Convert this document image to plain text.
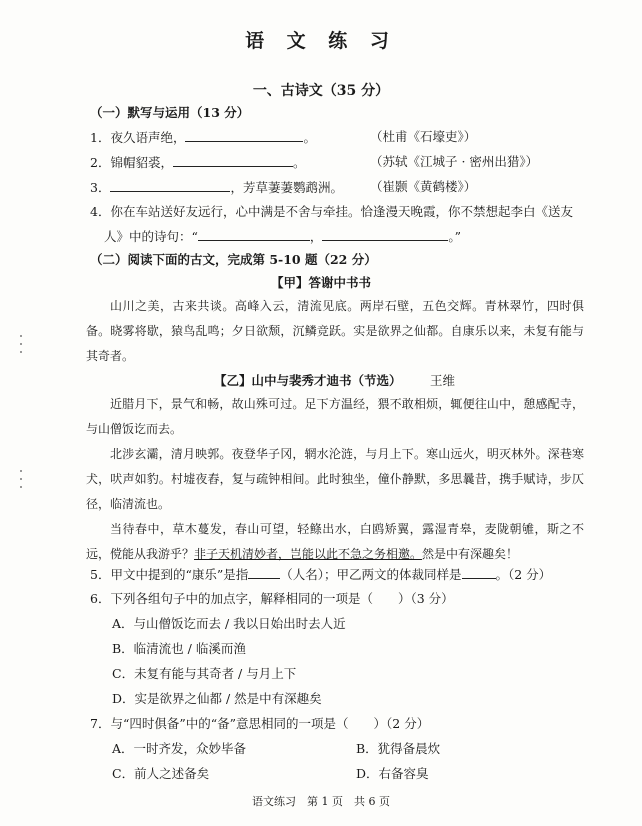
语 文 练 习
一、古诗文（35 分）
（一）默写与运用（13 分）
1．夜久语声绝，	。	（杜甫《石壕吏》）
2．锦帽貂裘，	。	（苏轼《江城子 · 密州出猎》）
3．	，芳草萋萋鹦鹉洲。 （崔颢《黄鹤楼》）
4．你在车站送好友远行，心中满是不舍与牵挂。恰逢漫天晚霞，你不禁想起李白《送友
人》中的诗句：“	，	。”
（二）阅读下面的古文，完成第 5-10 题（22 分）
【甲】答谢中书书

山川之美，古来共谈。高峰入云，清流见底。两岸石壁，五色交辉。青林翠竹，四时俱备。晓雾将歇，猿鸟乱鸣；夕日欲颓，沉鳞竞跃。实是欲界之仙都。自康乐以来，未复有能与其奇者。

【乙】山中与裴秀才迪书（节选） 王维

近腊月下，景气和畅，故山殊可过。足下方温经，猥不敢相烦，辄便往山中，憩感配寺，与山僧饭讫而去。

北涉玄灞，清月映郭。夜登华子冈，辋水沦涟，与月上下。寒山远火，明灭林外。深巷寒犬，吠声如豹。村墟夜舂，复与疏钟相间。此时独坐，僮仆静默，多思曩昔，携手赋诗，步仄径，临清流也。

当待春中，草木蔓发，春山可望，轻鲦出水，白鸥矫翼，露湿青皋，麦陇朝雊，斯之不远，傥能从我游乎？非子天机清妙者，岂能以此不急之务相邀。然是中有深趣矣！

5．甲文中提到的“康乐”是指	（人名）；甲乙两文的体裁同样是	。（2 分）
6．下列各组句子中的加点字，解释相同的一项是（　　）（3 分）
A．与山僧饭讫而去 / 我以日始出时去人近
B．临清流也 / 临溪而渔
C．未复有能与其奇者 / 与月上下
D．实是欲界之仙都 / 然是中有深趣矣
7．与“四时俱备”中的“备”意思相同的一项是（　　）（2 分）
A．一时齐发，众妙毕备	B．犹得备晨炊
C．前人之述备矣	D．右备容臭
语文练习　第 1 页　共 6 页
